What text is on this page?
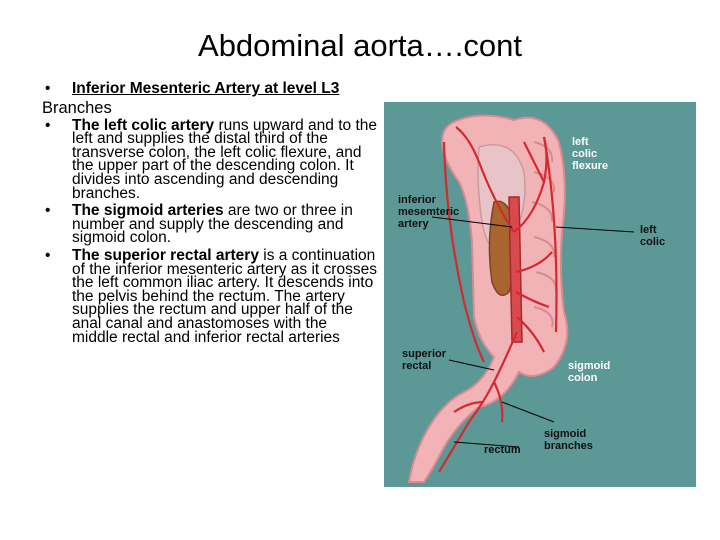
Abdominal aorta….cont
• Inferior Mesenteric Artery at level L3
Branches
• The left colic artery runs upward and to the left and supplies the distal third of the transverse colon, the left colic flexure, and the upper part of the descending colon. It divides into ascending and descending branches.
• The sigmoid arteries are two or three in number and supply the descending and sigmoid colon.
• The superior rectal artery is a continuation of the inferior mesenteric artery as it crosses the left common iliac artery. It descends into the pelvis behind the rectum. The artery supplies the rectum and upper half of the anal canal and anastomoses with the middle rectal and inferior rectal arteries
left
colic
flexure
inferior
mesemteric
artery	left
colic
superior
rectal	sigmoid
colon
sigmoid
branches
rectum
